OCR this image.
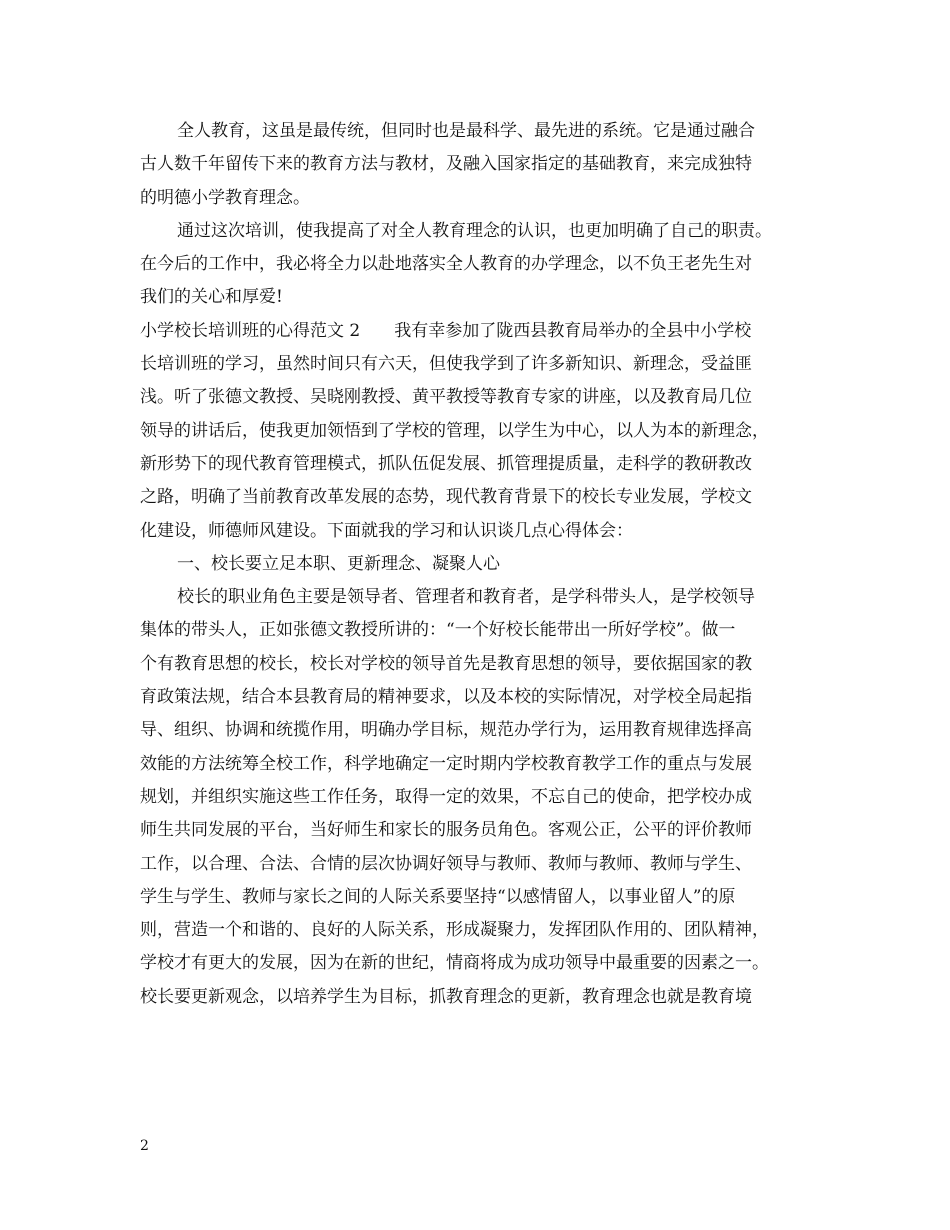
全人教育，这虽是最传统，但同时也是最科学、最先进的系统。它是通过融合
古人数千年留传下来的教育方法与教材，及融入国家指定的基础教育，来完成独特
的明德小学教育理念。
通过这次培训，使我提高了对全人教育理念的认识，也更加明确了自己的职责。
在今后的工作中，我必将全力以赴地落实全人教育的办学理念，以不负王老先生对
我们的关心和厚爱!
小学校长培训班的心得范文 2　　我有幸参加了陇西县教育局举办的全县中小学校
长培训班的学习，虽然时间只有六天，但使我学到了许多新知识、新理念，受益匪
浅。听了张德文教授、吴晓刚教授、黄平教授等教育专家的讲座，以及教育局几位
领导的讲话后，使我更加领悟到了学校的管理，以学生为中心，以人为本的新理念，
新形势下的现代教育管理模式，抓队伍促发展、抓管理提质量，走科学的教研教改
之路，明确了当前教育改革发展的态势，现代教育背景下的校长专业发展，学校文
化建设，师德师风建设。下面就我的学习和认识谈几点心得体会：
一、校长要立足本职、更新理念、凝聚人心
校长的职业角色主要是领导者、管理者和教育者，是学科带头人，是学校领导
集体的带头人，正如张德文教授所讲的：“一个好校长能带出一所好学校”。做一
个有教育思想的校长，校长对学校的领导首先是教育思想的领导，要依据国家的教
育政策法规，结合本县教育局的精神要求，以及本校的实际情况，对学校全局起指
导、组织、协调和统揽作用，明确办学目标，规范办学行为，运用教育规律选择高
效能的方法统筹全校工作，科学地确定一定时期内学校教育教学工作的重点与发展
规划，并组织实施这些工作任务，取得一定的效果，不忘自己的使命，把学校办成
师生共同发展的平台，当好师生和家长的服务员角色。客观公正，公平的评价教师
工作，以合理、合法、合情的层次协调好领导与教师、教师与教师、教师与学生、
学生与学生、教师与家长之间的人际关系要坚持“以感情留人，以事业留人”的原
则，营造一个和谐的、良好的人际关系，形成凝聚力，发挥团队作用的、团队精神，
学校才有更大的发展，因为在新的世纪，情商将成为成功领导中最重要的因素之一。
校长要更新观念，以培养学生为目标，抓教育理念的更新，教育理念也就是教育境
2
